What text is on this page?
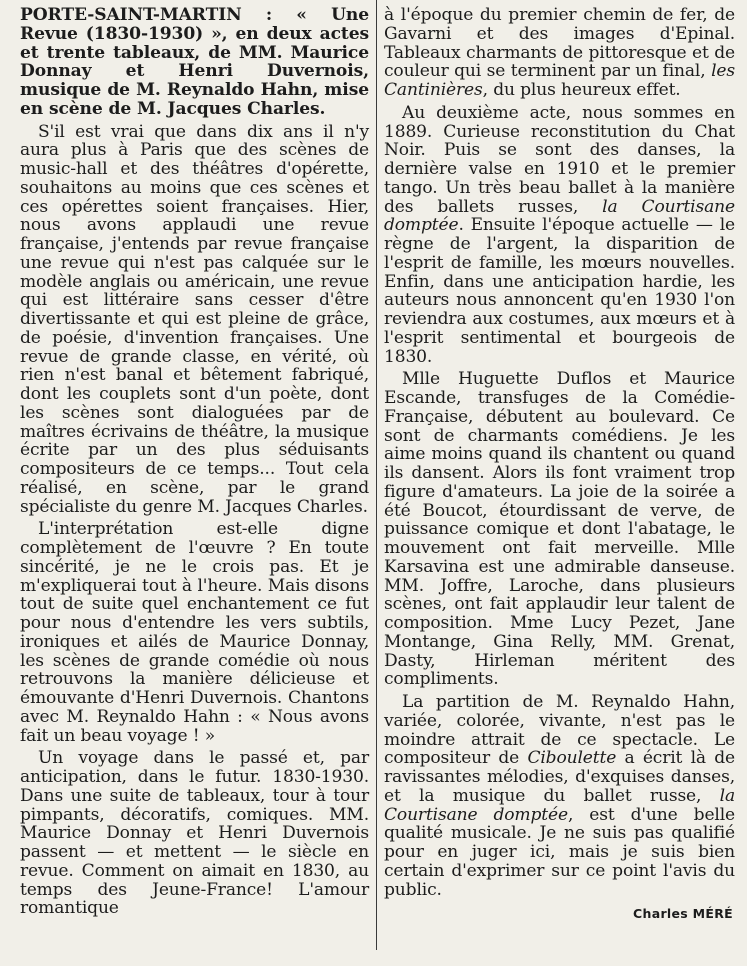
PORTE-SAINT-MARTIN : « Une Revue (1830-1930) », en deux actes et trente tableaux, de MM. Maurice Donnay et Henri Duvernois, musique de M. Reynaldo Hahn, mise en scène de M. Jacques Charles.

S'il est vrai que dans dix ans il n'y aura plus à Paris que des scènes de music-hall et des théâtres d'opérette, souhaitons au moins que ces scènes et ces opérettes soient françaises. Hier, nous avons applaudi une revue française, j'entends par revue française une revue qui n'est pas calquée sur le modèle anglais ou américain, une revue qui est littéraire sans cesser d'être divertissante et qui est pleine de grâce, de poésie, d'invention françaises. Une revue de grande classe, en vérité, où rien n'est banal et bêtement fabriqué, dont les couplets sont d'un poète, dont les scènes sont dialoguées par de maîtres écrivains de théâtre, la musique écrite par un des plus séduisants compositeurs de ce temps... Tout cela réalisé, en scène, par le grand spécialiste du genre M. Jacques Charles.

L'interprétation est-elle digne complètement de l'œuvre ? En toute sincérité, je ne le crois pas. Et je m'expliquerai tout à l'heure. Mais disons tout de suite quel enchantement ce fut pour nous d'entendre les vers subtils, ironiques et ailés de Maurice Donnay, les scènes de grande comédie où nous retrouvons la manière délicieuse et émouvante d'Henri Duvernois. Chantons avec M. Reynaldo Hahn : « Nous avons fait un beau voyage ! »

Un voyage dans le passé et, par anticipation, dans le futur. 1830-1930. Dans une suite de tableaux, tour à tour pimpants, décoratifs, comiques. MM. Maurice Donnay et Henri Duvernois passent — et mettent — le siècle en revue. Comment on aimait en 1830, au temps des Jeune-France! L'amour romantique

à l'époque du premier chemin de fer, de Gavarni et des images d'Epinal. Tableaux charmants de pittoresque et de couleur qui se terminent par un final, les Cantinières, du plus heureux effet.

Au deuxième acte, nous sommes en 1889. Curieuse reconstitution du Chat Noir. Puis se sont des danses, la dernière valse en 1910 et le premier tango. Un très beau ballet à la manière des ballets russes, la Courtisane domptée. Ensuite l'époque actuelle — le règne de l'argent, la disparition de l'esprit de famille, les mœurs nouvelles. Enfin, dans une anticipation hardie, les auteurs nous annoncent qu'en 1930 l'on reviendra aux costumes, aux mœurs et à l'esprit sentimental et bourgeois de 1830.

Mlle Huguette Duflos et Maurice Escande, transfuges de la Comédie-Française, débutent au boulevard. Ce sont de charmants comédiens. Je les aime moins quand ils chantent ou quand ils dansent. Alors ils font vraiment trop figure d'amateurs. La joie de la soirée a été Boucot, étourdissant de verve, de puissance comique et dont l'abatage, le mouvement ont fait merveille. Mlle Karsavina est une admirable danseuse. MM. Joffre, Laroche, dans plusieurs scènes, ont fait applaudir leur talent de composition. Mme Lucy Pezet, Jane Montange, Gina Relly, MM. Grenat, Dasty, Hirleman méritent des compliments.

La partition de M. Reynaldo Hahn, variée, colorée, vivante, n'est pas le moindre attrait de ce spectacle. Le compositeur de Ciboulette a écrit là de ravissantes mélodies, d'exquises danses, et la musique du ballet russe, la Courtisane domptée, est d'une belle qualité musicale. Je ne suis pas qualifié pour en juger ici, mais je suis bien certain d'exprimer sur ce point l'avis du public.

Charles MÉRÉ
